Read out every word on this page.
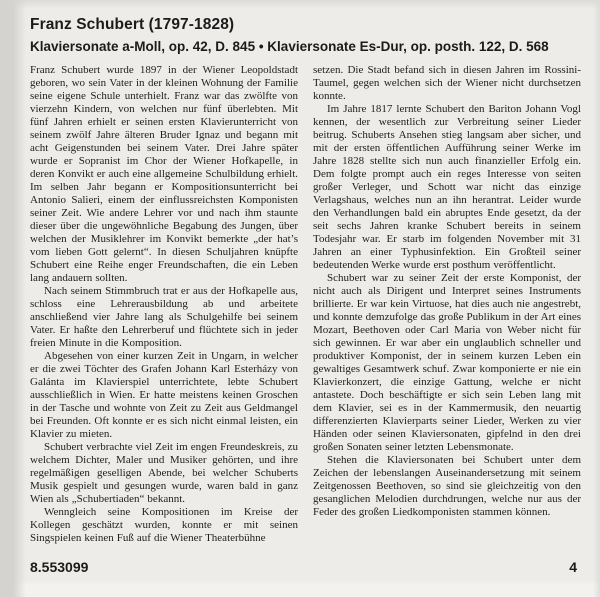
Franz Schubert (1797-1828)
Klaviersonate a-Moll, op. 42, D. 845 • Klaviersonate Es-Dur, op. posth. 122, D. 568

Franz Schubert wurde 1897 in der Wiener Leopoldstadt geboren, wo sein Vater in der kleinen Wohnung der Familie seine eigene Schule unterhielt. Franz war das zwölfte von vierzehn Kindern, von welchen nur fünf überlebten. Mit fünf Jahren erhielt er seinen ersten Klavierunterricht von seinem zwölf Jahre älteren Bruder Ignaz und begann mit acht Geigenstunden bei seinem Vater. Drei Jahre später wurde er Sopranist im Chor der Wiener Hofkapelle, in deren Konvikt er auch eine allgemeine Schulbildung erhielt. Im selben Jahr begann er Kompositionsunterricht bei Antonio Salieri, einem der einflussreichsten Komponisten seiner Zeit. Wie andere Lehrer vor und nach ihm staunte dieser über die ungewöhnliche Begabung des Jungen, über welchen der Musiklehrer im Konvikt bemerkte „der hat’s vom lieben Gott gelernt“. In diesen Schuljahren knüpfte Schubert eine Reihe enger Freundschaften, die ein Leben lang andauern sollten.

Nach seinem Stimmbruch trat er aus der Hofkapelle aus, schloss eine Lehrerausbildung ab und arbeitete anschließend vier Jahre lang als Schulgehilfe bei seinem Vater. Er haßte den Lehrerberuf und flüchtete sich in jeder freien Minute in die Komposition.

Abgesehen von einer kurzen Zeit in Ungarn, in welcher er die zwei Töchter des Grafen Johann Karl Esterházy von Galánta im Klavierspiel unterrichtete, lebte Schubert ausschließlich in Wien. Er hatte meistens keinen Groschen in der Tasche und wohnte von Zeit zu Zeit aus Geldmangel bei Freunden. Oft konnte er es sich nicht einmal leisten, ein Klavier zu mieten.

Schubert verbrachte viel Zeit im engen Freundeskreis, zu welchem Dichter, Maler und Musiker gehörten, und ihre regelmäßigen geselligen Abende, bei welcher Schuberts Musik gespielt und gesungen wurde, waren bald in ganz Wien als „Schubertiaden“ bekannt.

Wenngleich seine Kompositionen im Kreise der Kollegen geschätzt wurden, konnte er mit seinen Singspielen keinen Fuß auf die Wiener Theaterbühne

setzen. Die Stadt befand sich in diesen Jahren im Rossini-Taumel, gegen welchen sich der Wiener nicht durchsetzen konnte.

Im Jahre 1817 lernte Schubert den Bariton Johann Vogl kennen, der wesentlich zur Verbreitung seiner Lieder beitrug. Schuberts Ansehen stieg langsam aber sicher, und mit der ersten öffentlichen Aufführung seiner Werke im Jahre 1828 stellte sich nun auch finanzieller Erfolg ein. Dem folgte prompt auch ein reges Interesse von seiten großer Verleger, und Schott war nicht das einzige Verlagshaus, welches nun an ihn herantrat. Leider wurde den Verhandlungen bald ein abruptes Ende gesetzt, da der seit sechs Jahren kranke Schubert bereits in seinem Todesjahr war. Er starb im folgenden November mit 31 Jahren an einer Typhusinfektion. Ein Großteil seiner bedeutenden Werke wurde erst posthum veröffentlicht.

Schubert war zu seiner Zeit der erste Komponist, der nicht auch als Dirigent und Interpret seines Instruments brillierte. Er war kein Virtuose, hat dies auch nie angestrebt, und konnte demzufolge das große Publikum in der Art eines Mozart, Beethoven oder Carl Maria von Weber nicht für sich gewinnen. Er war aber ein unglaublich schneller und produktiver Komponist, der in seinem kurzen Leben ein gewaltiges Gesamtwerk schuf. Zwar komponierte er nie ein Klavierkonzert, die einzige Gattung, welche er nicht antastete. Doch beschäftigte er sich sein Leben lang mit dem Klavier, sei es in der Kammermusik, den neuartig differenzierten Klavierparts seiner Lieder, Werken zu vier Händen oder seinen Klaviersonaten, gipfelnd in den drei großen Sonaten seiner letzten Lebensmonate.

Stehen die Klaviersonaten bei Schubert unter dem Zeichen der lebenslangen Auseinandersetzung mit seinem Zeitgenossen Beethoven, so sind sie gleichzeitig von den gesanglichen Melodien durchdrungen, welche nur aus der Feder des großen Liedkomponisten stammen können.

8.553099	4
